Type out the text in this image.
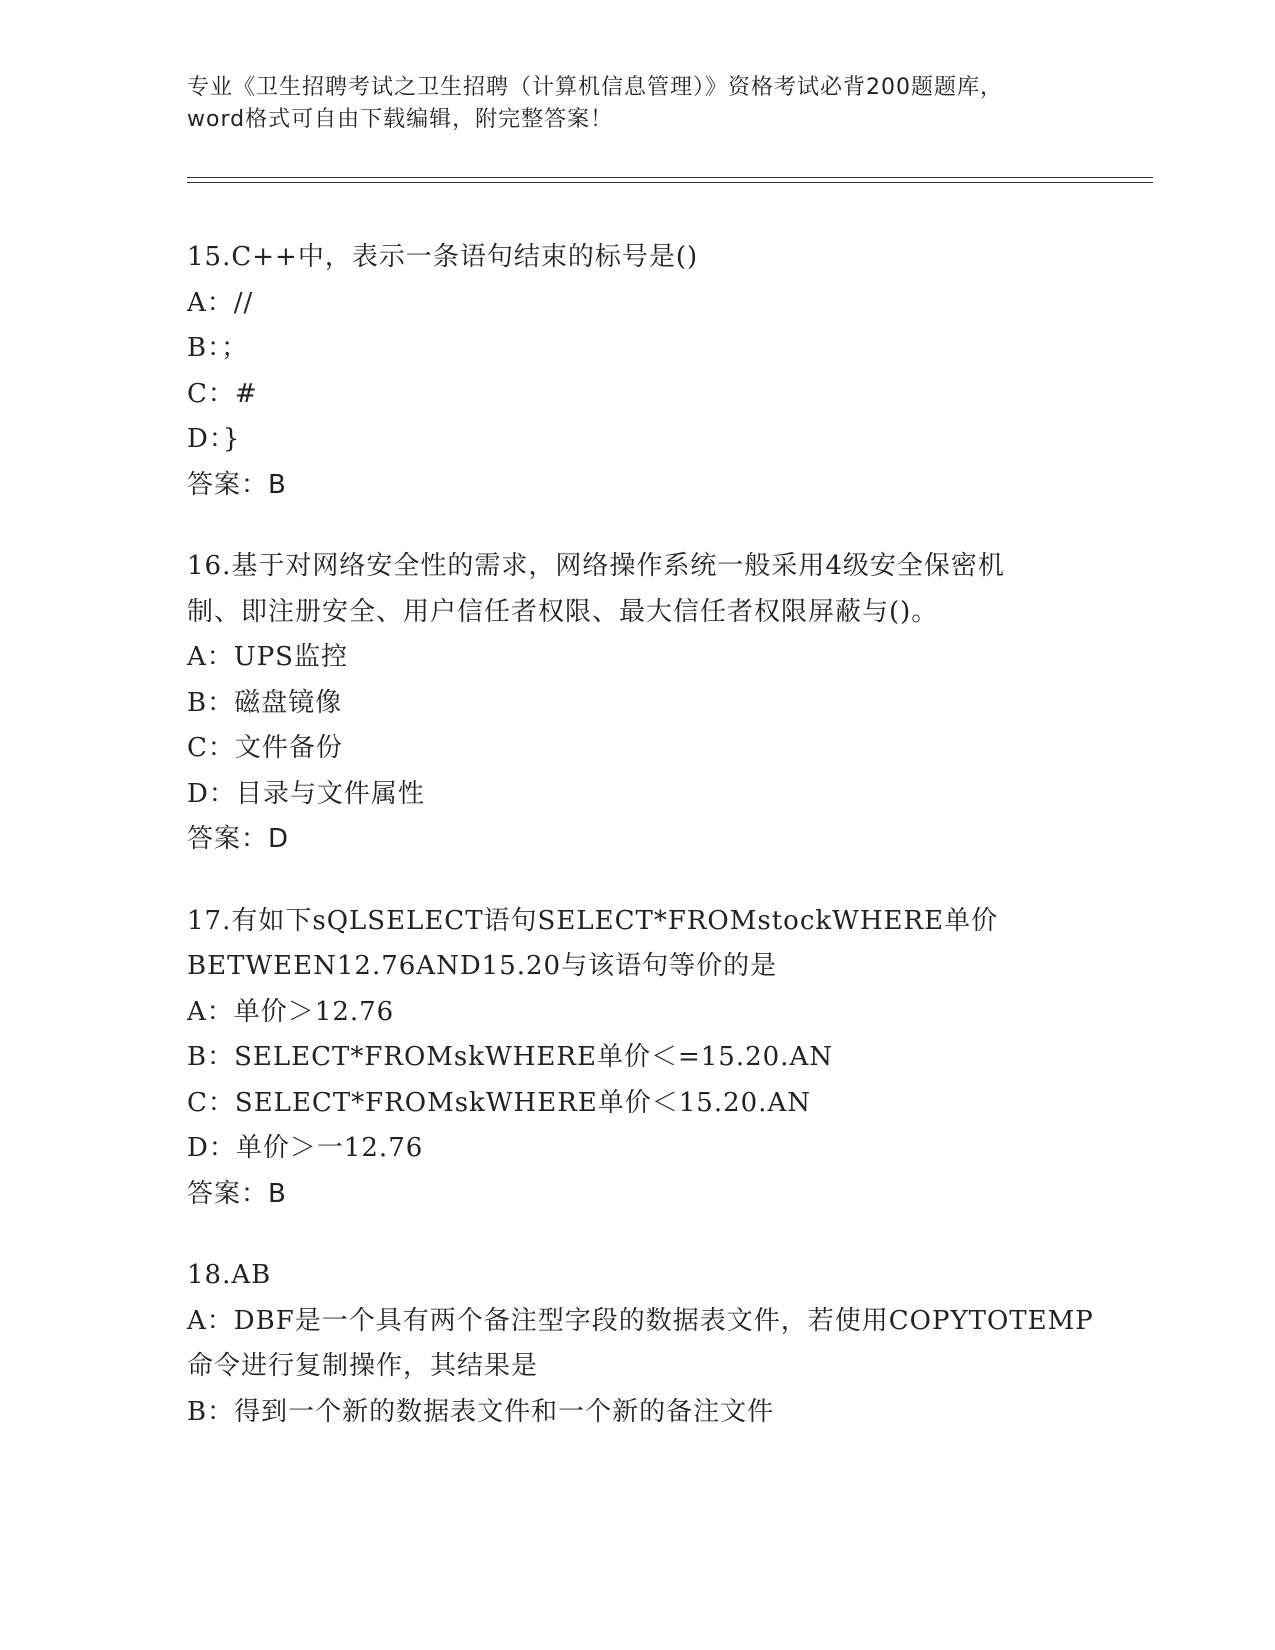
专业《卫生招聘考试之卫生招聘（计算机信息管理）》资格考试必背200题题库，
word格式可自由下载编辑，附完整答案！
15.C++中，表示一条语句结束的标号是()
A：//
B：；
C：#
D：}
答案：B
16.基于对网络安全性的需求，网络操作系统一般采用4级安全保密机
制、即注册安全、用户信任者权限、最大信任者权限屏蔽与()。
A：UPS监控
B：磁盘镜像
C：文件备份
D：目录与文件属性
答案：D
17.有如下sQLSELECT语句SELECT*FROMstockWHERE单价
BETWEEN12.76AND15.20与该语句等价的是
A：单价＞12.76
B：SELECT*FROMskWHERE单价＜=15.20.AN
C：SELECT*FROMskWHERE单价＜15.20.AN
D：单价＞一12.76
答案：B
18.AB
A：DBF是一个具有两个备注型字段的数据表文件，若使用COPYTOTEMP
命令进行复制操作，其结果是
B：得到一个新的数据表文件和一个新的备注文件
